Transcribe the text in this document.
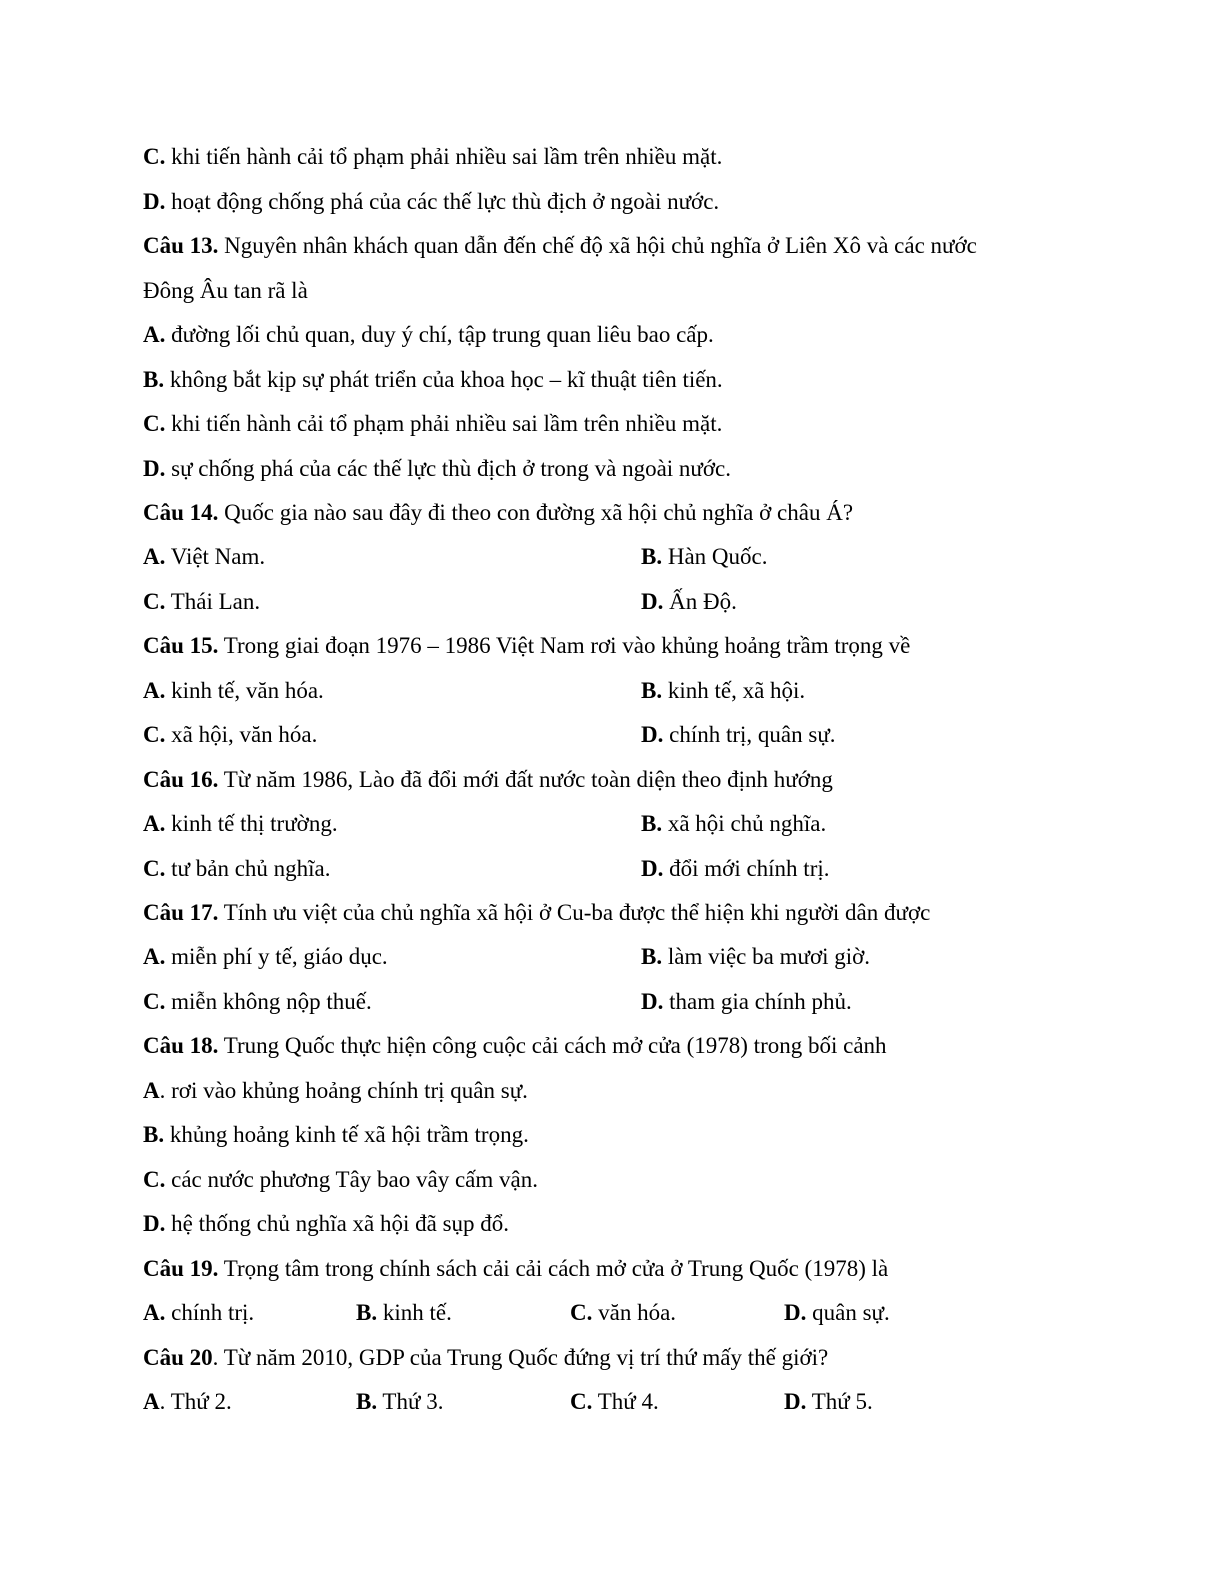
C. khi tiến hành cải tổ phạm phải nhiều sai lầm trên nhiều mặt.
D. hoạt động chống phá của các thế lực thù địch ở ngoài nước.
Câu 13. Nguyên nhân khách quan dẫn đến chế độ xã hội chủ nghĩa ở Liên Xô và các nước
Đông Âu tan rã là
A. đường lối chủ quan, duy ý chí, tập trung quan liêu bao cấp.
B. không bắt kịp sự phát triển của khoa học – kĩ thuật tiên tiến.
C. khi tiến hành cải tổ phạm phải nhiều sai lầm trên nhiều mặt.
D. sự chống phá của các thế lực thù địch ở trong và ngoài nước.
Câu 14. Quốc gia nào sau đây đi theo con đường xã hội chủ nghĩa ở châu Á?
A. Việt Nam.	B. Hàn Quốc.
C. Thái Lan.	D. Ấn Độ.
Câu 15. Trong giai đoạn 1976 – 1986 Việt Nam rơi vào khủng hoảng trầm trọng về
A. kinh tế, văn hóa.	B. kinh tế, xã hội.
C. xã hội, văn hóa.	D. chính trị, quân sự.
Câu 16. Từ năm 1986, Lào đã đổi mới đất nước toàn diện theo định hướng
A. kinh tế thị trường.	B. xã hội chủ nghĩa.
C. tư bản chủ nghĩa.	D. đổi mới chính trị.
Câu 17. Tính ưu việt của chủ nghĩa xã hội ở Cu-ba được thể hiện khi người dân được
A. miễn phí y tế, giáo dục.	B. làm việc ba mươi giờ.
C. miễn không nộp thuế.	D. tham gia chính phủ.
Câu 18. Trung Quốc thực hiện công cuộc cải cách mở cửa (1978) trong bối cảnh
A. rơi vào khủng hoảng chính trị quân sự.
B. khủng hoảng kinh tế xã hội trầm trọng.
C. các nước phương Tây bao vây cấm vận.
D. hệ thống chủ nghĩa xã hội đã sụp đổ.
Câu 19. Trọng tâm trong chính sách cải cải cách mở cửa ở Trung Quốc (1978) là
A. chính trị.	B. kinh tế.	C. văn hóa.	D. quân sự.
Câu 20. Từ năm 2010, GDP của Trung Quốc đứng vị trí thứ mấy thế giới?
A. Thứ 2.	B. Thứ 3.	C. Thứ 4.	D. Thứ 5.
